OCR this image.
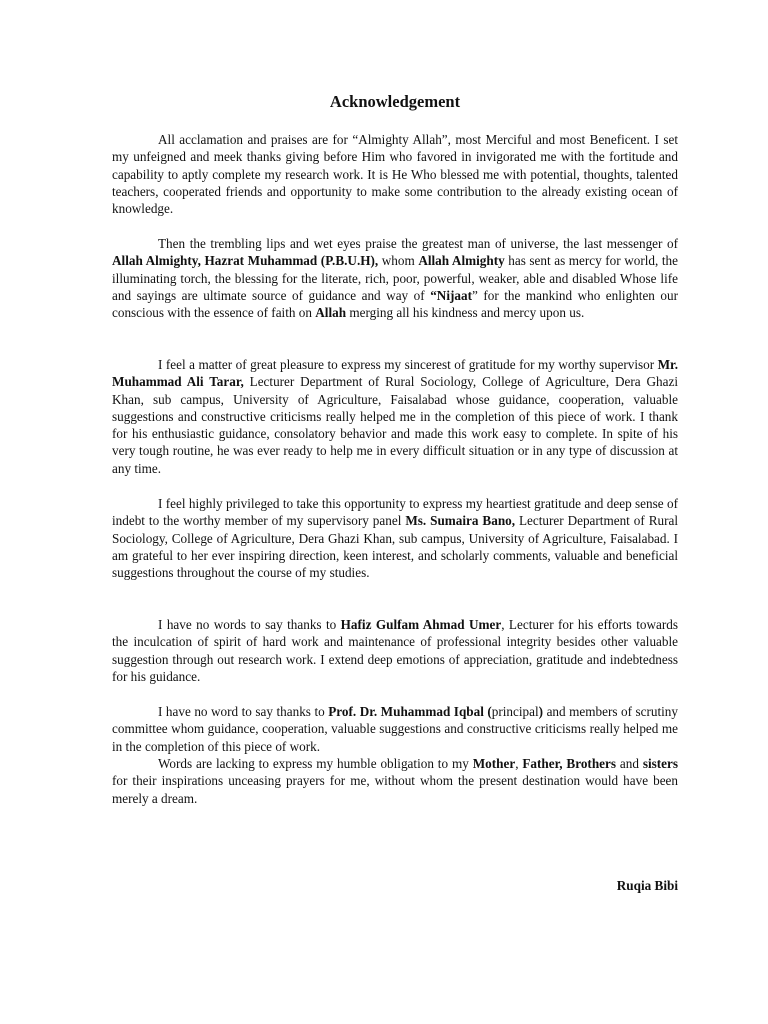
Acknowledgement

All acclamation and praises are for “Almighty Allah”, most Merciful and most Beneficent. I set my unfeigned and meek thanks giving before Him who favored in invigorated me with the fortitude and capability to aptly complete my research work. It is He Who blessed me with potential, thoughts, talented teachers, cooperated friends and opportunity to make some contribution to the already existing ocean of knowledge.

Then the trembling lips and wet eyes praise the greatest man of universe, the last messenger of Allah Almighty, Hazrat Muhammad (P.B.U.H), whom Allah Almighty has sent as mercy for world, the illuminating torch, the blessing for the literate, rich, poor, powerful, weaker, able and disabled Whose life and sayings are ultimate source of guidance and way of “Nijaat” for the mankind who enlighten our conscious with the essence of faith on Allah merging all his kindness and mercy upon us.

I feel a matter of great pleasure to express my sincerest of gratitude for my worthy supervisor Mr. Muhammad Ali Tarar, Lecturer Department of Rural Sociology, College of Agriculture, Dera Ghazi Khan, sub campus, University of Agriculture, Faisalabad whose guidance, cooperation, valuable suggestions and constructive criticisms really helped me in the completion of this piece of work. I thank for his enthusiastic guidance, consolatory behavior and made this work easy to complete. In spite of his very tough routine, he was ever ready to help me in every difficult situation or in any type of discussion at any time.

I feel highly privileged to take this opportunity to express my heartiest gratitude and deep sense of indebt to the worthy member of my supervisory panel Ms. Sumaira Bano, Lecturer Department of Rural Sociology, College of Agriculture, Dera Ghazi Khan, sub campus, University of Agriculture, Faisalabad. I am grateful to her ever inspiring direction, keen interest, and scholarly comments, valuable and beneficial suggestions throughout the course of my studies.

I have no words to say thanks to Hafiz Gulfam Ahmad Umer, Lecturer for his efforts towards the inculcation of spirit of hard work and maintenance of professional integrity besides other valuable suggestion through out research work. I extend deep emotions of appreciation, gratitude and indebtedness for his guidance.

I have no word to say thanks to Prof. Dr. Muhammad Iqbal (principal) and members of scrutiny committee whom guidance, cooperation, valuable suggestions and constructive criticisms really helped me in the completion of this piece of work.

Words are lacking to express my humble obligation to my Mother, Father, Brothers and sisters for their inspirations unceasing prayers for me, without whom the present destination would have been merely a dream.

Ruqia Bibi
